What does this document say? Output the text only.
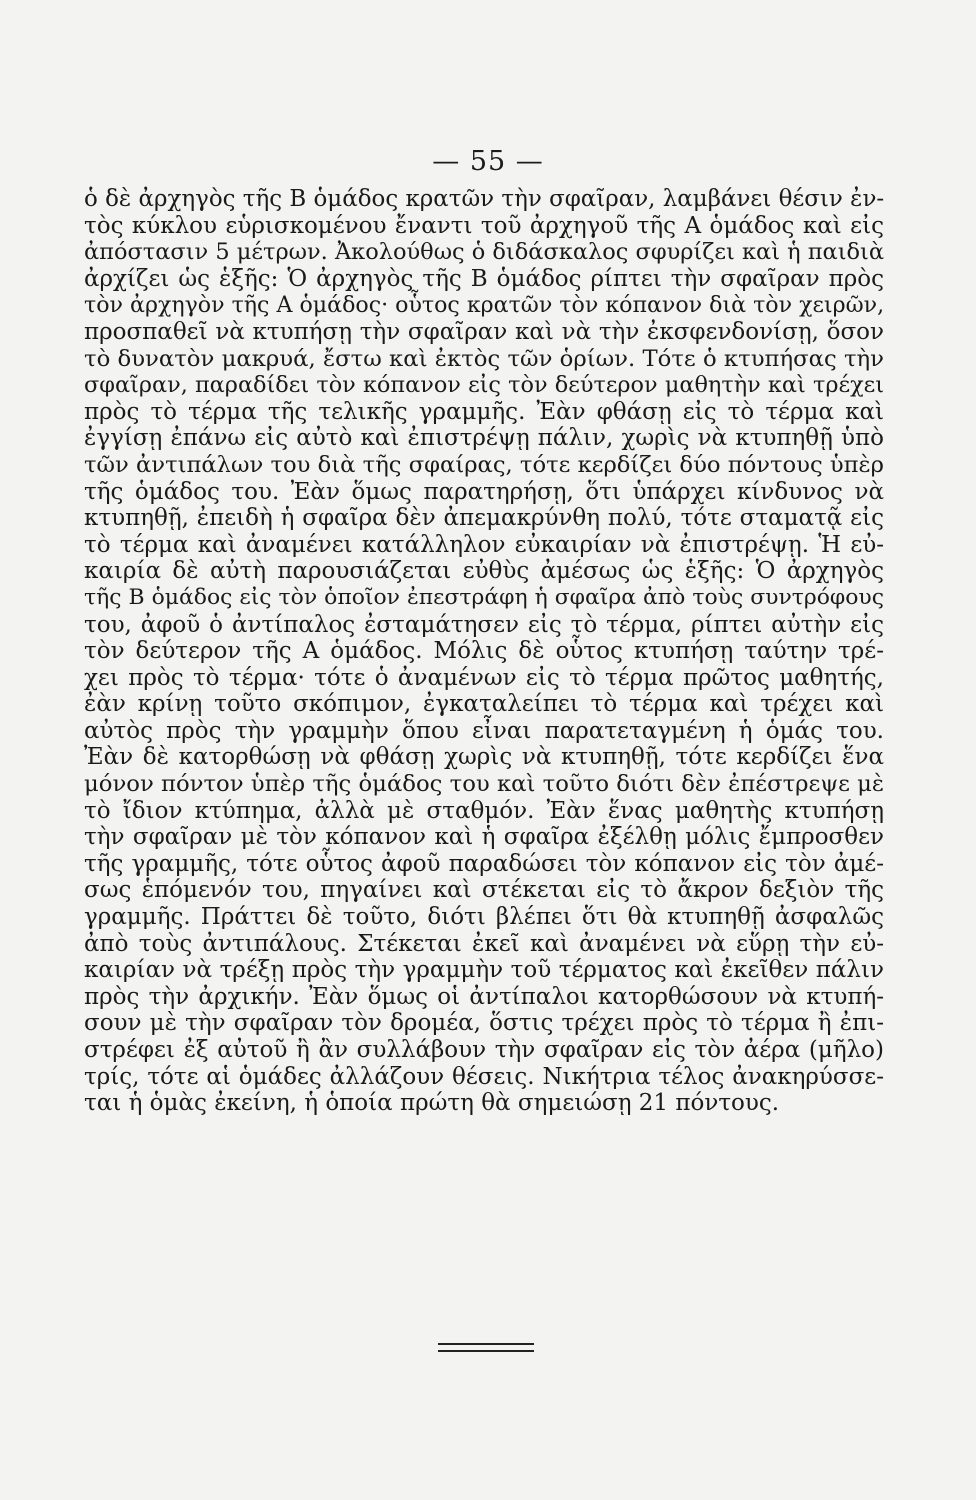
— 55 —
ὁ δὲ ἀρχηγὸς τῆς Β ὁμάδος κρατῶν τὴν σφαῖραν, λαμβάνει θέσιν ἐν-
τὸς κύκλου εὑρισκομένου ἔναντι τοῦ ἀρχηγοῦ τῆς Α ὁμάδος καὶ εἰς
ἀπόστασιν 5 μέτρων. Ἀκολούθως ὁ διδάσκαλος σφυρίζει καὶ ἡ παιδιὰ
ἀρχίζει ὡς ἑξῆς: Ὁ ἀρχηγὸς τῆς Β ὁμάδος ρίπτει τὴν σφαῖραν πρὸς
τὸν ἀρχηγὸν τῆς Α ὁμάδος· οὗτος κρατῶν τὸν κόπανον διὰ τὸν χειρῶν,
προσπαθεῖ νὰ κτυπήσῃ τὴν σφαῖραν καὶ νὰ τὴν ἐκσφενδονίσῃ, ὅσον
τὸ δυνατὸν μακρυά, ἔστω καὶ ἐκτὸς τῶν ὁρίων. Τότε ὁ κτυπήσας τὴν
σφαῖραν, παραδίδει τὸν κόπανον εἰς τὸν δεύτερον μαθητὴν καὶ τρέχει
πρὸς τὸ τέρμα τῆς τελικῆς γραμμῆς. Ἐὰν φθάσῃ εἰς τὸ τέρμα καὶ
ἐγγίσῃ ἐπάνω εἰς αὐτὸ καὶ ἐπιστρέψῃ πάλιν, χωρὶς νὰ κτυπηθῇ ὑπὸ
τῶν ἀντιπάλων του διὰ τῆς σφαίρας, τότε κερδίζει δύο πόντους ὑπὲρ
τῆς ὁμάδος του. Ἐὰν ὅμως παρατηρήσῃ, ὅτι ὑπάρχει κίνδυνος νὰ
κτυπηθῇ, ἐπειδὴ ἡ σφαῖρα δὲν ἀπεμακρύνθη πολύ, τότε σταματᾷ εἰς
τὸ τέρμα καὶ ἀναμένει κατάλληλον εὐκαιρίαν νὰ ἐπιστρέψῃ. Ἡ εὐ-
καιρία δὲ αὐτὴ παρουσιάζεται εὐθὺς ἀμέσως ὡς ἑξῆς: Ὁ ἀρχηγὸς
τῆς Β ὁμάδος εἰς τὸν ὁποῖον ἐπεστράφη ἡ σφαῖρα ἀπὸ τοὺς συντρόφους
του, ἀφοῦ ὁ ἀντίπαλος ἐσταμάτησεν εἰς τὸ τέρμα, ρίπτει αὐτὴν εἰς
τὸν δεύτερον τῆς Α ὁμάδος. Μόλις δὲ οὗτος κτυπήσῃ ταύτην τρέ-
χει πρὸς τὸ τέρμα· τότε ὁ ἀναμένων εἰς τὸ τέρμα πρῶτος μαθητής,
ἐὰν κρίνῃ τοῦτο σκόπιμον, ἐγκαταλείπει τὸ τέρμα καὶ τρέχει καὶ
αὐτὸς πρὸς τὴν γραμμὴν ὅπου εἶναι παρατεταγμένη ἡ ὁμάς του.
Ἐὰν δὲ κατορθώσῃ νὰ φθάσῃ χωρὶς νὰ κτυπηθῇ, τότε κερδίζει ἕνα
μόνον πόντον ὑπὲρ τῆς ὁμάδος του καὶ τοῦτο διότι δὲν ἐπέστρεψε μὲ
τὸ ἴδιον κτύπημα, ἀλλὰ μὲ σταθμόν. Ἐὰν ἕνας μαθητὴς κτυπήσῃ
τὴν σφαῖραν μὲ τὸν κόπανον καὶ ἡ σφαῖρα ἐξέλθῃ μόλις ἔμπροσθεν
τῆς γραμμῆς, τότε οὗτος ἀφοῦ παραδώσει τὸν κόπανον εἰς τὸν ἀμέ-
σως ἑπόμενόν του, πηγαίνει καὶ στέκεται εἰς τὸ ἄκρον δεξιὸν τῆς
γραμμῆς. Πράττει δὲ τοῦτο, διότι βλέπει ὅτι θὰ κτυπηθῇ ἀσφαλῶς
ἀπὸ τοὺς ἀντιπάλους. Στέκεται ἐκεῖ καὶ ἀναμένει νὰ εὕρῃ τὴν εὐ-
καιρίαν νὰ τρέξῃ πρὸς τὴν γραμμὴν τοῦ τέρματος καὶ ἐκεῖθεν πάλιν
πρὸς τὴν ἀρχικήν. Ἐὰν ὅμως οἱ ἀντίπαλοι κατορθώσουν νὰ κτυπή-
σουν μὲ τὴν σφαῖραν τὸν δρομέα, ὅστις τρέχει πρὸς τὸ τέρμα ἢ ἐπι-
στρέφει ἐξ αὐτοῦ ἢ ἂν συλλάβουν τὴν σφαῖραν εἰς τὸν ἀέρα (μῆλο)
τρίς, τότε αἱ ὁμάδες ἀλλάζουν θέσεις. Νικήτρια τέλος ἀνακηρύσσε-
ται ἡ ὁμὰς ἐκείνη, ἡ ὁποία πρώτη θὰ σημειώσῃ 21 πόντους.
